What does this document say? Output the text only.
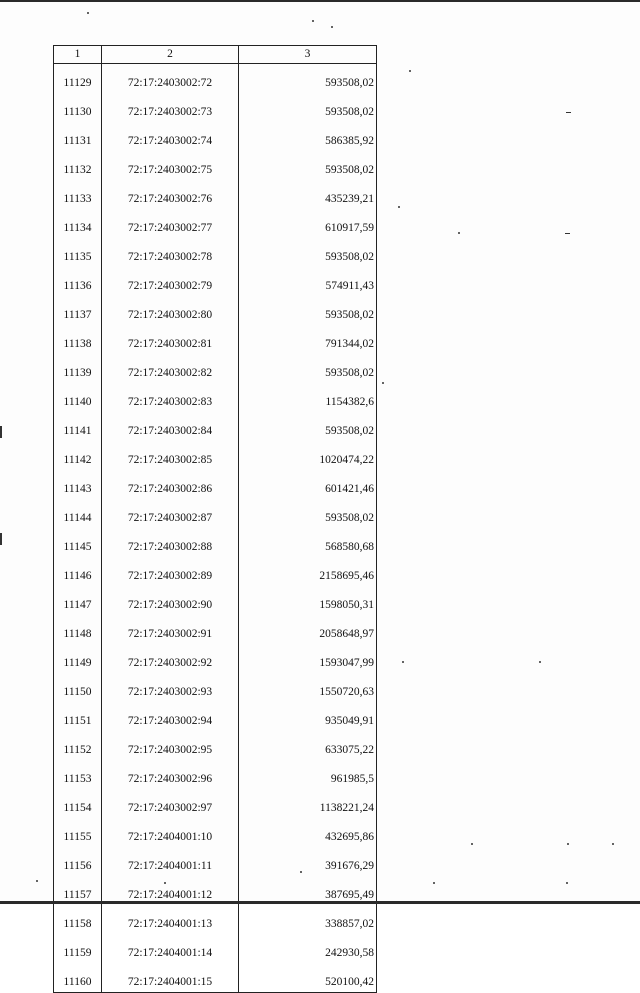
1	2	3
11129	72:17:2403002:72	593508,02
11130	72:17:2403002:73	593508,02
11131	72:17:2403002:74	586385,92
11132	72:17:2403002:75	593508,02
11133	72:17:2403002:76	435239,21
11134	72:17:2403002:77	610917,59
11135	72:17:2403002:78	593508,02
11136	72:17:2403002:79	574911,43
11137	72:17:2403002:80	593508,02
11138	72:17:2403002:81	791344,02
11139	72:17:2403002:82	593508,02
11140	72:17:2403002:83	1154382,6
11141	72:17:2403002:84	593508,02
11142	72:17:2403002:85	1020474,22
11143	72:17:2403002:86	601421,46
11144	72:17:2403002:87	593508,02
11145	72:17:2403002:88	568580,68
11146	72:17:2403002:89	2158695,46
11147	72:17:2403002:90	1598050,31
11148	72:17:2403002:91	2058648,97
11149	72:17:2403002:92	1593047,99
11150	72:17:2403002:93	1550720,63
11151	72:17:2403002:94	935049,91
11152	72:17:2403002:95	633075,22
11153	72:17:2403002:96	961985,5
11154	72:17:2403002:97	1138221,24
11155	72:17:2404001:10	432695,86
11156	72:17:2404001:11	391676,29
11157	72:17:2404001:12	387695,49
11158	72:17:2404001:13	338857,02
11159	72:17:2404001:14	242930,58
11160	72:17:2404001:15	520100,42
